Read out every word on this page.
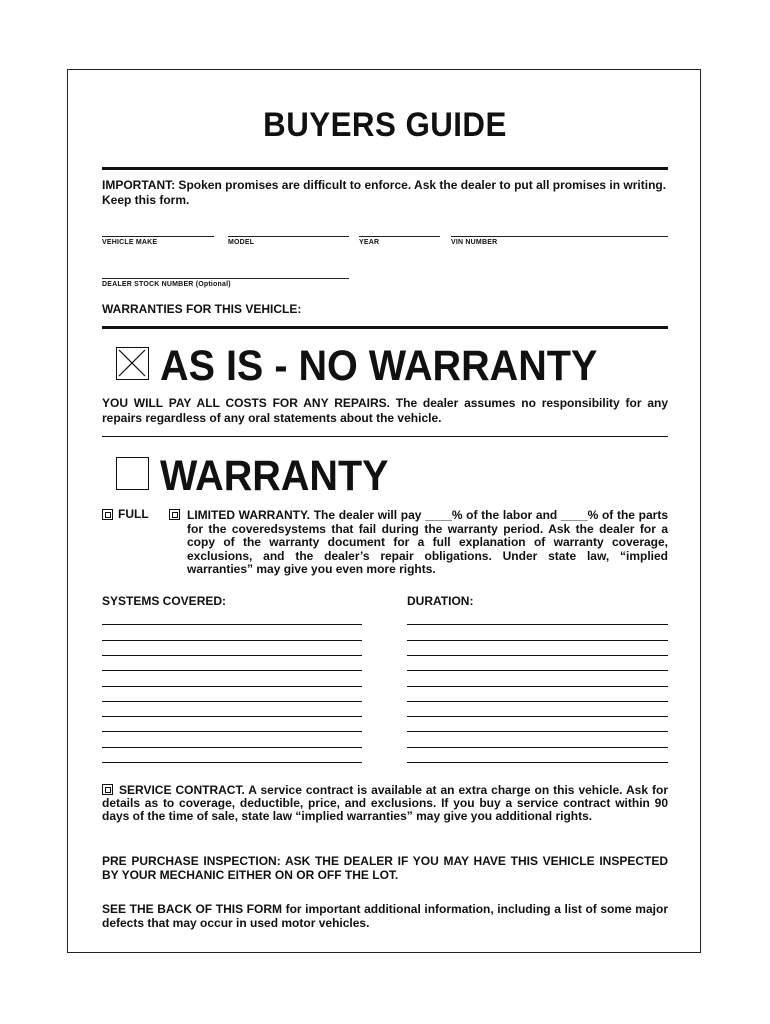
BUYERS GUIDE
IMPORTANT: Spoken promises are difficult to enforce. Ask the dealer to put all promises in writing. Keep this form.
VEHICLE MAKE	MODEL	YEAR	VIN NUMBER
DEALER STOCK NUMBER (Optional)
WARRANTIES FOR THIS VEHICLE:
AS IS - NO WARRANTY
YOU WILL PAY ALL COSTS FOR ANY REPAIRS. The dealer assumes no responsibility for any repairs regardless of any oral statements about the vehicle.
WARRANTY
FULL	LIMITED WARRANTY. The dealer will pay ____% of the labor and ____% of the parts for the coveredsystems that fail during the warranty period. Ask the dealer for a copy of the warranty document for a full explanation of warranty coverage, exclusions, and the dealer’s repair obligations. Under state law, “implied warranties” may give you even more rights.
SYSTEMS COVERED:	DURATION:
SERVICE CONTRACT. A service contract is available at an extra charge on this vehicle. Ask for details as to coverage, deductible, price, and exclusions. If you buy a service contract within 90 days of the time of sale, state law “implied warranties” may give you additional rights.
PRE PURCHASE INSPECTION: ASK THE DEALER IF YOU MAY HAVE THIS VEHICLE INSPECTED BY YOUR MECHANIC EITHER ON OR OFF THE LOT.
SEE THE BACK OF THIS FORM for important additional information, including a list of some major defects that may occur in used motor vehicles.
